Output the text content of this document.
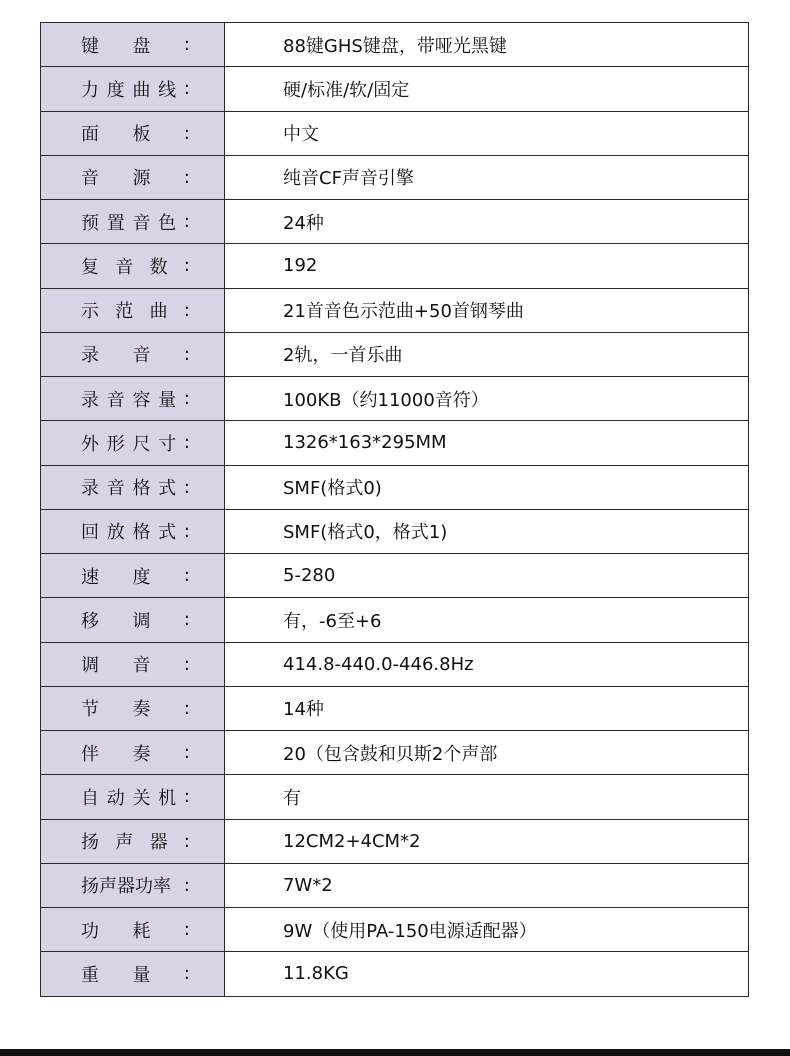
键 盘 :	88键GHS键盘，带哑光黑键

力 度 曲 线 :	硬/标准/软/固定

面 板 :	中文

音 源 :	纯音CF声音引擎

预 置 音 色 :	24种

复 音 数 :	192

示 范 曲 :	21首音色示范曲+50首钢琴曲

录 音 :	2轨，一首乐曲

录 音 容 量 :	100KB（约11000音符）

外 形 尺 寸 :	1326*163*295MM

录 音 格 式 :	SMF(格式0)

回 放 格 式 :	SMF(格式0，格式1)

速 度 :	5-280

移 调 :	有，-6至+6

调 音 :	414.8-440.0-446.8Hz

节 奏 :	14种

伴 奏 :	20（包含鼓和贝斯2个声部

自 动 关 机 :	有

扬 声 器 :	12CM2+4CM*2

扬声器功率 :	7W*2

功 耗 :	9W（使用PA-150电源适配器）

重 量 :	11.8KG
